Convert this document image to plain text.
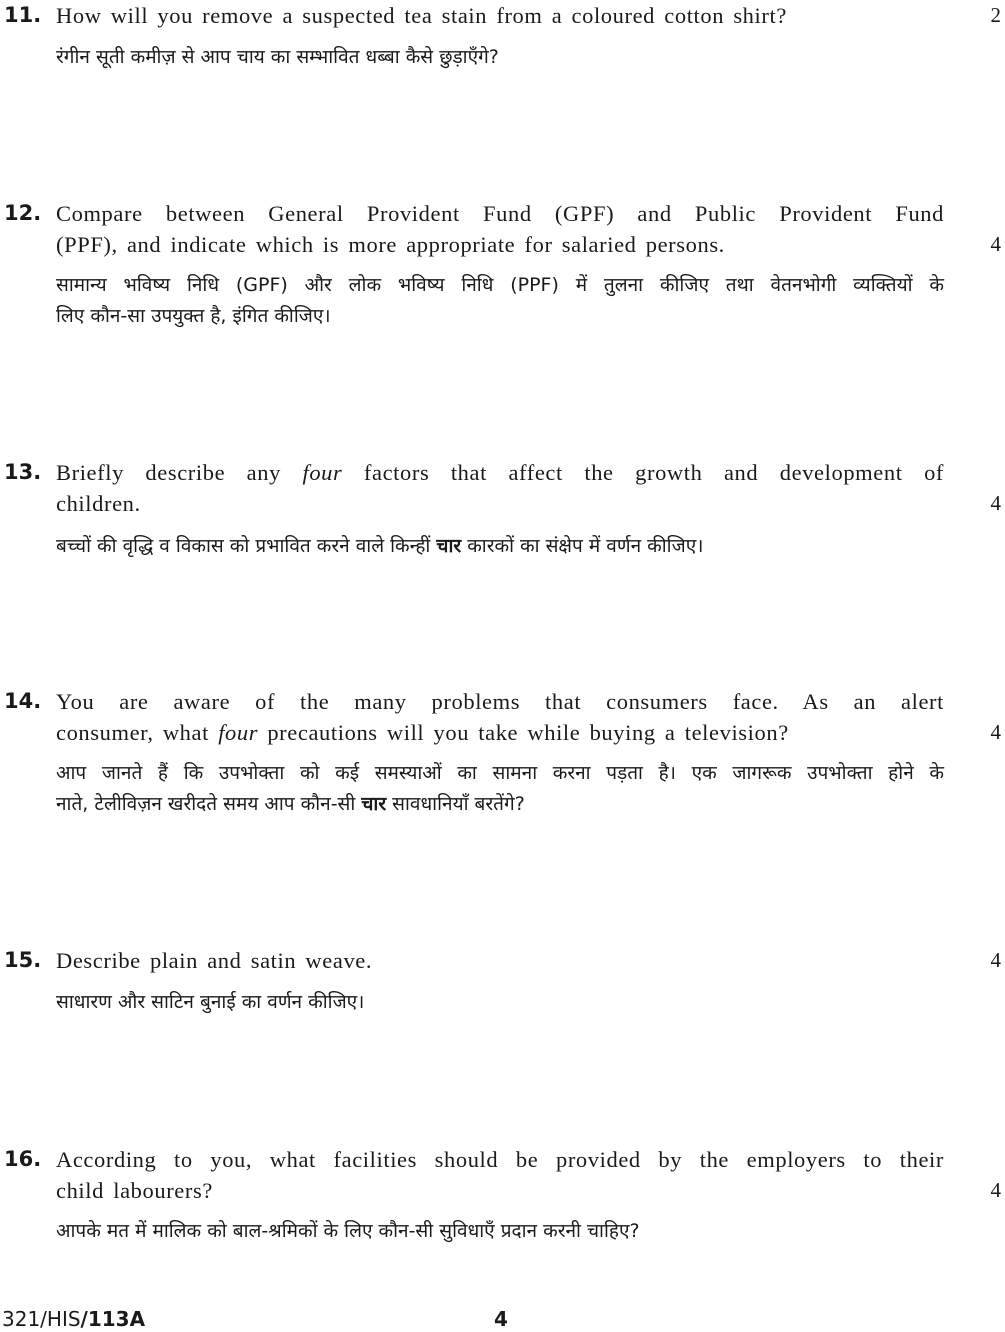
11. How will you remove a suspected tea stain from a coloured cotton shirt?
रंगीन सूती कमीज़ से आप चाय का सम्भावित धब्बा कैसे छुड़ाएँगे?
2
12. Compare between General Provident Fund (GPF) and Public Provident Fund
(PPF), and indicate which is more appropriate for salaried persons.
सामान्य भविष्य निधि (GPF) और लोक भविष्य निधि (PPF) में तुलना कीजिए तथा वेतनभोगी व्यक्तियों के
लिए कौन-सा उपयुक्त है, इंगित कीजिए।
4
13. Briefly describe any four factors that affect the growth and development of
children.
बच्चों की वृद्धि व विकास को प्रभावित करने वाले किन्हीं चार कारकों का संक्षेप में वर्णन कीजिए।
4
14. You are aware of the many problems that consumers face. As an alert
consumer, what four precautions will you take while buying a television?
आप जानते हैं कि उपभोक्ता को कई समस्याओं का सामना करना पड़ता है। एक जागरूक उपभोक्ता होने के
नाते, टेलीविज़न खरीदते समय आप कौन-सी चार सावधानियाँ बरतेंगे?
4
15. Describe plain and satin weave.
साधारण और साटिन बुनाई का वर्णन कीजिए।
4
16. According to you, what facilities should be provided by the employers to their
child labourers?
आपके मत में मालिक को बाल-श्रमिकों के लिए कौन-सी सुविधाएँ प्रदान करनी चाहिए?
4
321/HIS/113A	4
